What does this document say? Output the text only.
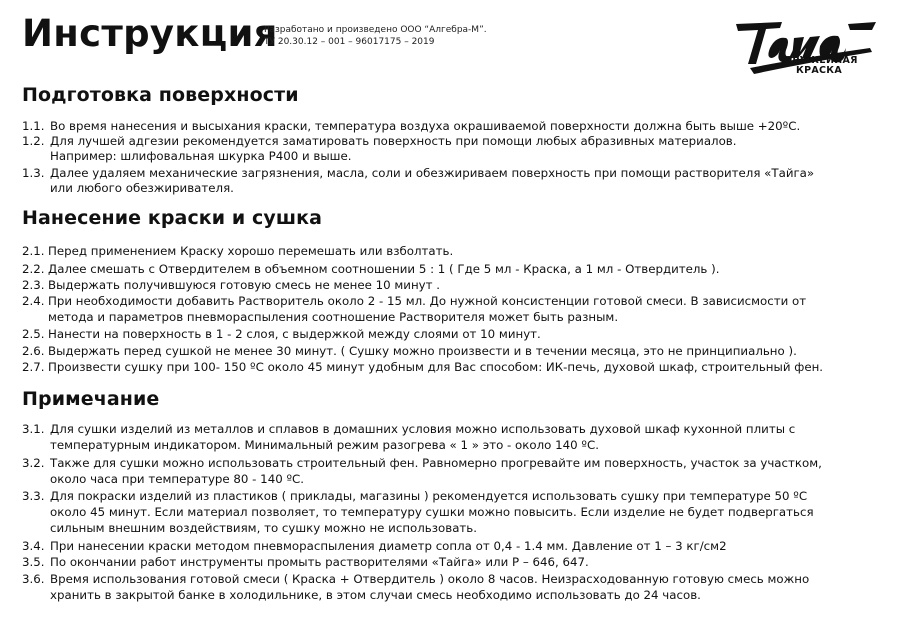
Инструкция
Разработано и произведено ООО “Алгебра-М”.
ТУ 20.30.12 – 001 – 96017175 – 2019
ОРУЖЕЙНАЯ
КРАСКА
Подготовка поверхности
1.1. Во время нанесения и высыхания краски, температура воздуха окрашиваемой поверхности должна быть выше +20ºС.
1.2. Для лучшей адгезии рекомендуется заматировать поверхность при помощи любых абразивных материалов.
Например: шлифовальная шкурка Р400 и выше.
1.3. Далее удаляем механические загрязнения, масла, соли и обезжириваем поверхность при помощи растворителя «Тайга»
или любого обезжиривателя.
Нанесение краски и сушка
2.1. Перед применением Краску хорошо перемешать или взболтать.
2.2. Далее смешать с Отвердителем в объемном соотношении 5 : 1 ( Где 5 мл - Краска, а 1 мл - Отвердитель ).
2.3. Выдержать получившуюся готовую смесь не менее 10 минут .
2.4. При необходимости добавить Растворитель около 2 - 15 мл. До нужной консистенции готовой смеси. В зависисмости от
метода и параметров пневмораспыления соотношение Растворителя может быть разным.
2.5. Нанести на поверхность в 1 - 2 слоя, с выдержкой между слоями от 10 минут.
2.6. Выдержать перед сушкой не менее 30 минут. ( Сушку можно произвести и в течении месяца, это не принципиально ).
2.7. Произвести сушку при 100- 150 ºС около 45 минут удобным для Вас способом: ИК-печь, духовой шкаф, строительный фен.
Примечание
3.1. Для сушки изделий из металлов и сплавов в домашних условия можно использовать духовой шкаф кухонной плиты с
температурным индикатором. Минимальный режим разогрева « 1 » это - около 140 ºС.
3.2. Также для сушки можно использовать строительный фен. Равномерно прогревайте им поверхность, участок за участком,
около часа при температуре 80 - 140 ºС.
3.3. Для покраски изделий из пластиков ( приклады, магазины ) рекомендуется использовать сушку при температуре 50 ºС
около 45 минут. Если материал позволяет, то температуру сушки можно повысить. Если изделие не будет подвергаться
сильным внешним воздействиям, то сушку можно не использовать.
3.4. При нанесении краски методом пневмораспыления диаметр сопла от 0,4 - 1.4 мм. Давление от 1 – 3 кг/см2
3.5. По окончании работ инструменты промыть растворителями «Тайга» или Р – 646, 647.
3.6. Время использования готовой смеси ( Краска + Отвердитель ) около 8 часов. Неизрасходованную готовую смесь можно
хранить в закрытой банке в холодильнике, в этом случаи смесь необходимо использовать до 24 часов.
